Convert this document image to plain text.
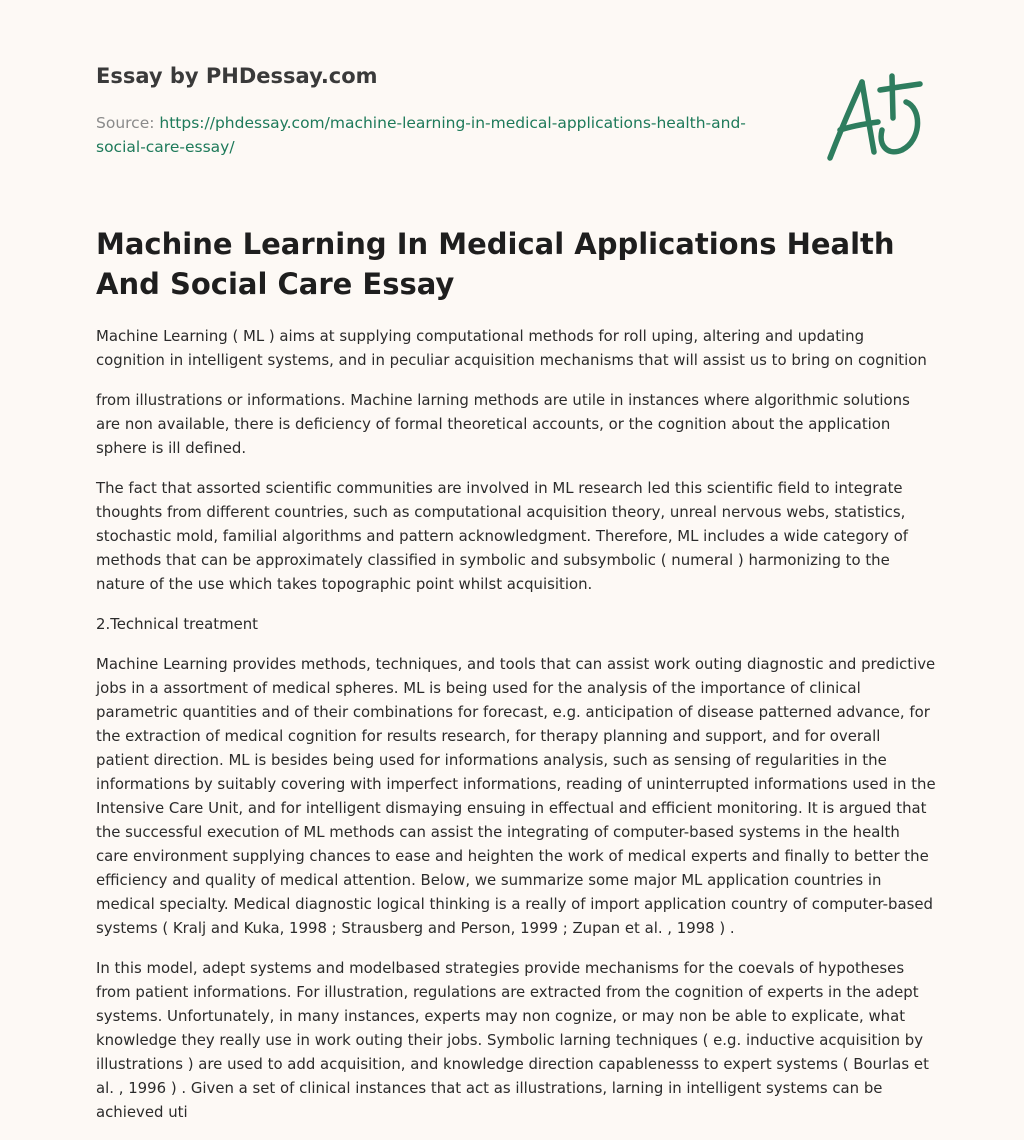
Essay by PHDessay.com
Source: https://phdessay.com/machine-learning-in-medical-applications-health-and-social-care-essay/
Machine Learning In Medical Applications Health And Social Care Essay

Machine Learning ( ML ) aims at supplying computational methods for roll uping, altering and updating cognition in intelligent systems, and in peculiar acquisition mechanisms that will assist us to bring on cognition

from illustrations or informations. Machine larning methods are utile in instances where algorithmic solutions are non available, there is deficiency of formal theoretical accounts, or the cognition about the application sphere is ill defined.

The fact that assorted scientific communities are involved in ML research led this scientific field to integrate thoughts from different countries, such as computational acquisition theory, unreal nervous webs, statistics, stochastic mold, familial algorithms and pattern acknowledgment. Therefore, ML includes a wide category of methods that can be approximately classified in symbolic and subsymbolic ( numeral ) harmonizing to the nature of the use which takes topographic point whilst acquisition.

2.Technical treatment

Machine Learning provides methods, techniques, and tools that can assist work outing diagnostic and predictive jobs in a assortment of medical spheres. ML is being used for the analysis of the importance of clinical parametric quantities and of their combinations for forecast, e.g. anticipation of disease patterned advance, for the extraction of medical cognition for results research, for therapy planning and support, and for overall patient direction. ML is besides being used for informations analysis, such as sensing of regularities in the informations by suitably covering with imperfect informations, reading of uninterrupted informations used in the Intensive Care Unit, and for intelligent dismaying ensuing in effectual and efficient monitoring. It is argued that the successful execution of ML methods can assist the integrating of computer-based systems in the health care environment supplying chances to ease and heighten the work of medical experts and finally to better the efficiency and quality of medical attention. Below, we summarize some major ML application countries in medical specialty. Medical diagnostic logical thinking is a really of import application country of computer-based systems ( Kralj and Kuka, 1998 ; Strausberg and Person, 1999 ; Zupan et al. , 1998 ) .

In this model, adept systems and modelbased strategies provide mechanisms for the coevals of hypotheses from patient informations. For illustration, regulations are extracted from the cognition of experts in the adept systems. Unfortunately, in many instances, experts may non cognize, or may non be able to explicate, what knowledge they really use in work outing their jobs. Symbolic larning techniques ( e.g. inductive acquisition by illustrations ) are used to add acquisition, and knowledge direction capablenesss to expert systems ( Bourlas et al. , 1996 ) . Given a set of clinical instances that act as illustrations, larning in intelligent systems can be achieved uti
